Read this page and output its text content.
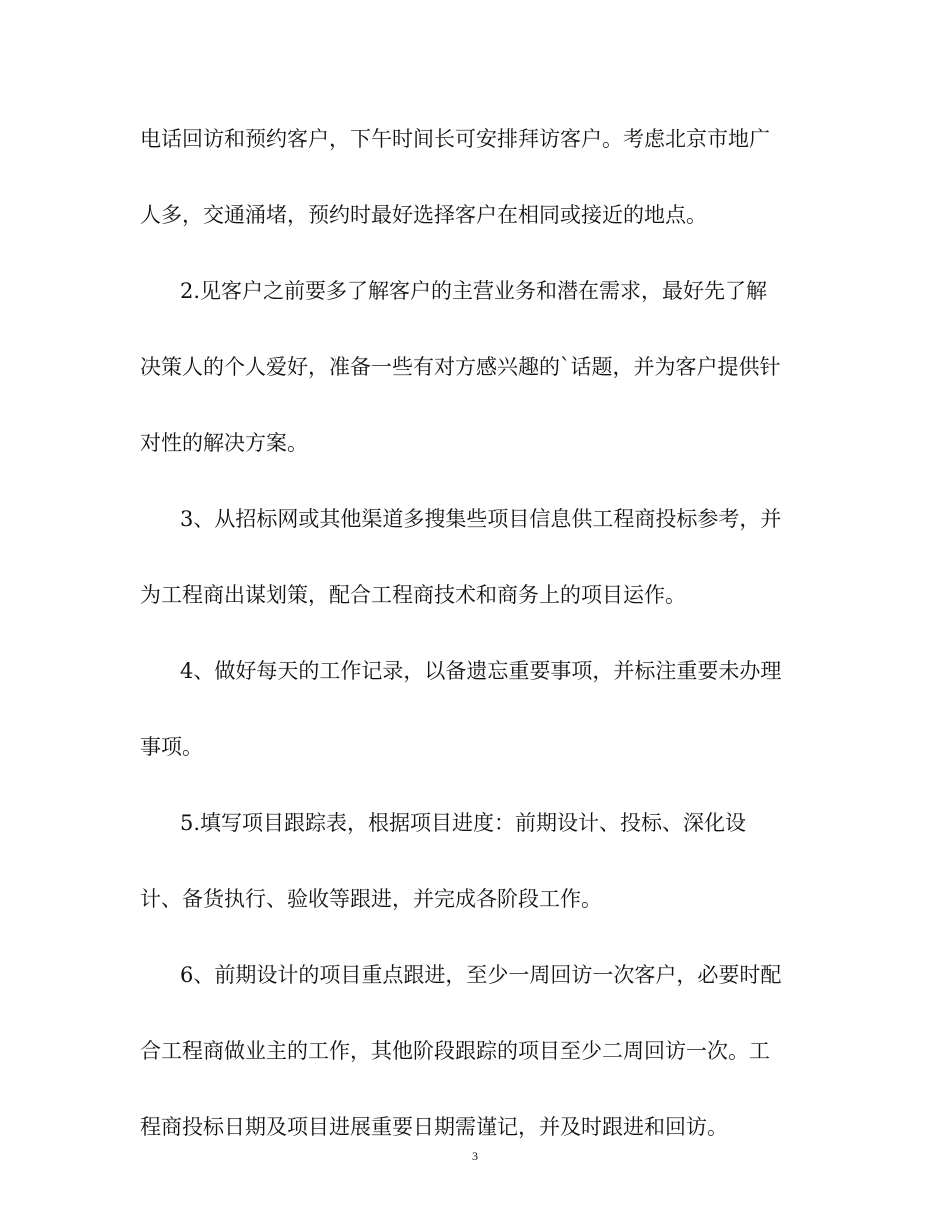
电话回访和预约客户，下午时间长可安排拜访客户。考虑北京市地广
人多，交通涌堵，预约时最好选择客户在相同或接近的地点。
2.见客户之前要多了解客户的主营业务和潜在需求，最好先了解
决策人的个人爱好，准备一些有对方感兴趣的`话题，并为客户提供针
对性的解决方案。
3、从招标网或其他渠道多搜集些项目信息供工程商投标参考，并
为工程商出谋划策，配合工程商技术和商务上的项目运作。
4、做好每天的工作记录，以备遗忘重要事项，并标注重要未办理
事项。
5.填写项目跟踪表，根据项目进度：前期设计、投标、深化设
计、备货执行、验收等跟进，并完成各阶段工作。
6、前期设计的项目重点跟进，至少一周回访一次客户，必要时配
合工程商做业主的工作，其他阶段跟踪的项目至少二周回访一次。工
程商投标日期及项目进展重要日期需谨记，并及时跟进和回访。
3
